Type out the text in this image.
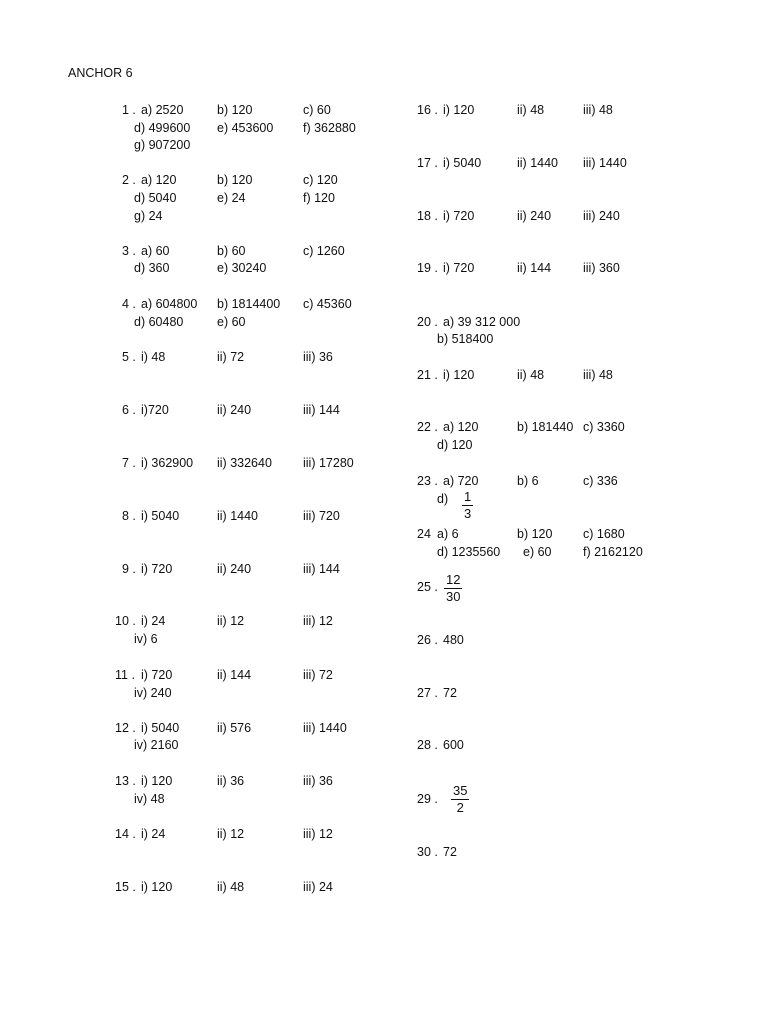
ANCHOR 6
1 . a) 2520	b) 120	c) 60
d) 499600 e) 453600 f) 362880
g) 907200
2 . a) 120	b) 120	c) 120
d) 5040	e) 24	f) 120
g) 24
3 . a) 60	b) 60	c) 1260
d) 360	e) 30240
4 . a) 604800 b) 1814400 c) 45360
d) 60480	e) 60
5 . i) 48	ii) 72	iii) 36
6 . i)720	ii) 240	iii) 144
7 . i) 362900 ii) 332640 iii) 17280
8 . i) 5040	ii) 1440	iii) 720
9 . i) 720	ii) 240	iii) 144
10 . i) 24	ii) 12	iii) 12
iv) 6
11 . i) 720	ii) 144	iii) 72
iv) 240
12 . i) 5040	ii) 576	iii) 1440
iv) 2160
13 . i) 120	ii) 36	iii) 36
iv) 48
14 . i) 24	ii) 12	iii) 12
15 . i) 120	ii) 48	iii) 24
16 . i) 120	ii) 48	iii) 48
17 . i) 5040	ii) 1440 iii) 1440
18 . i) 720	ii) 240	iii) 240
19 . i) 720	ii) 144	iii) 360
20 . a) 39 312 000
b) 518400
21 . i) 120	ii) 48	iii) 48
22 . a) 120	b) 181440 c) 3360
d) 120
23 . a) 720	b) 6	c) 336
d) 1
3
24 a) 6	b) 120 c) 1680
d) 1235560 e) 60	f) 2162120
25 . 12
30
26 . 480
27 . 72
28 . 600
29 .
35
2
30 . 72
